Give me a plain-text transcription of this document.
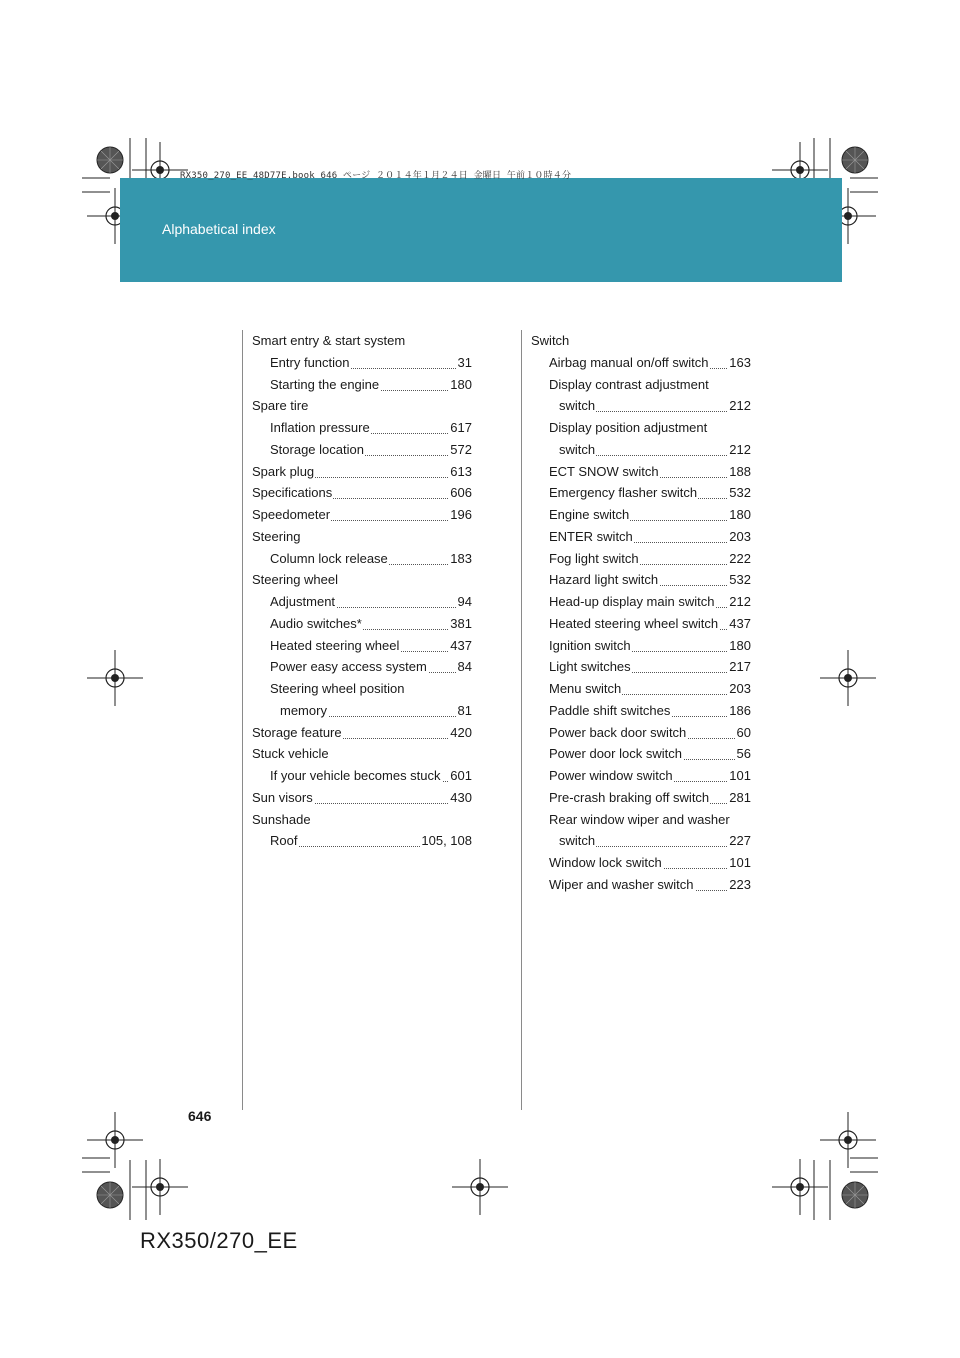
RX350_270_EE_48D77E.book 646 ページ ２０１４年１月２４日 金曜日 午前１０時４分
Alphabetical index
Smart entry & start system
Entry function	31
Starting the engine	180
Spare tire
Inflation pressure	617
Storage location	572
Spark plug	613
Specifications	606
Speedometer	196
Steering
Column lock release	183
Steering wheel
Adjustment	94
Audio switches*	381
Heated steering wheel	437
Power easy access system 84
Steering wheel position
memory	81
Storage feature	420
Stuck vehicle
If your vehicle becomes stuck 601
Sun visors	430
Sunshade
Roof	105, 108
Switch
Airbag manual on/off switch 163
Display contrast adjustment
switch	212
Display position adjustment
switch	212
ECT SNOW switch	188
Emergency flasher switch 532
Engine switch	180
ENTER switch	203
Fog light switch	222
Hazard light switch	532
Head-up display main switch 212
Heated steering wheel switch 437
Ignition switch	180
Light switches	217
Menu switch	203
Paddle shift switches	186
Power back door switch	60
Power door lock switch	56
Power window switch	101
Pre-crash braking off switch 281
Rear window wiper and washer
switch	227
Window lock switch	101
Wiper and washer switch	223
646
RX350/270_EE
